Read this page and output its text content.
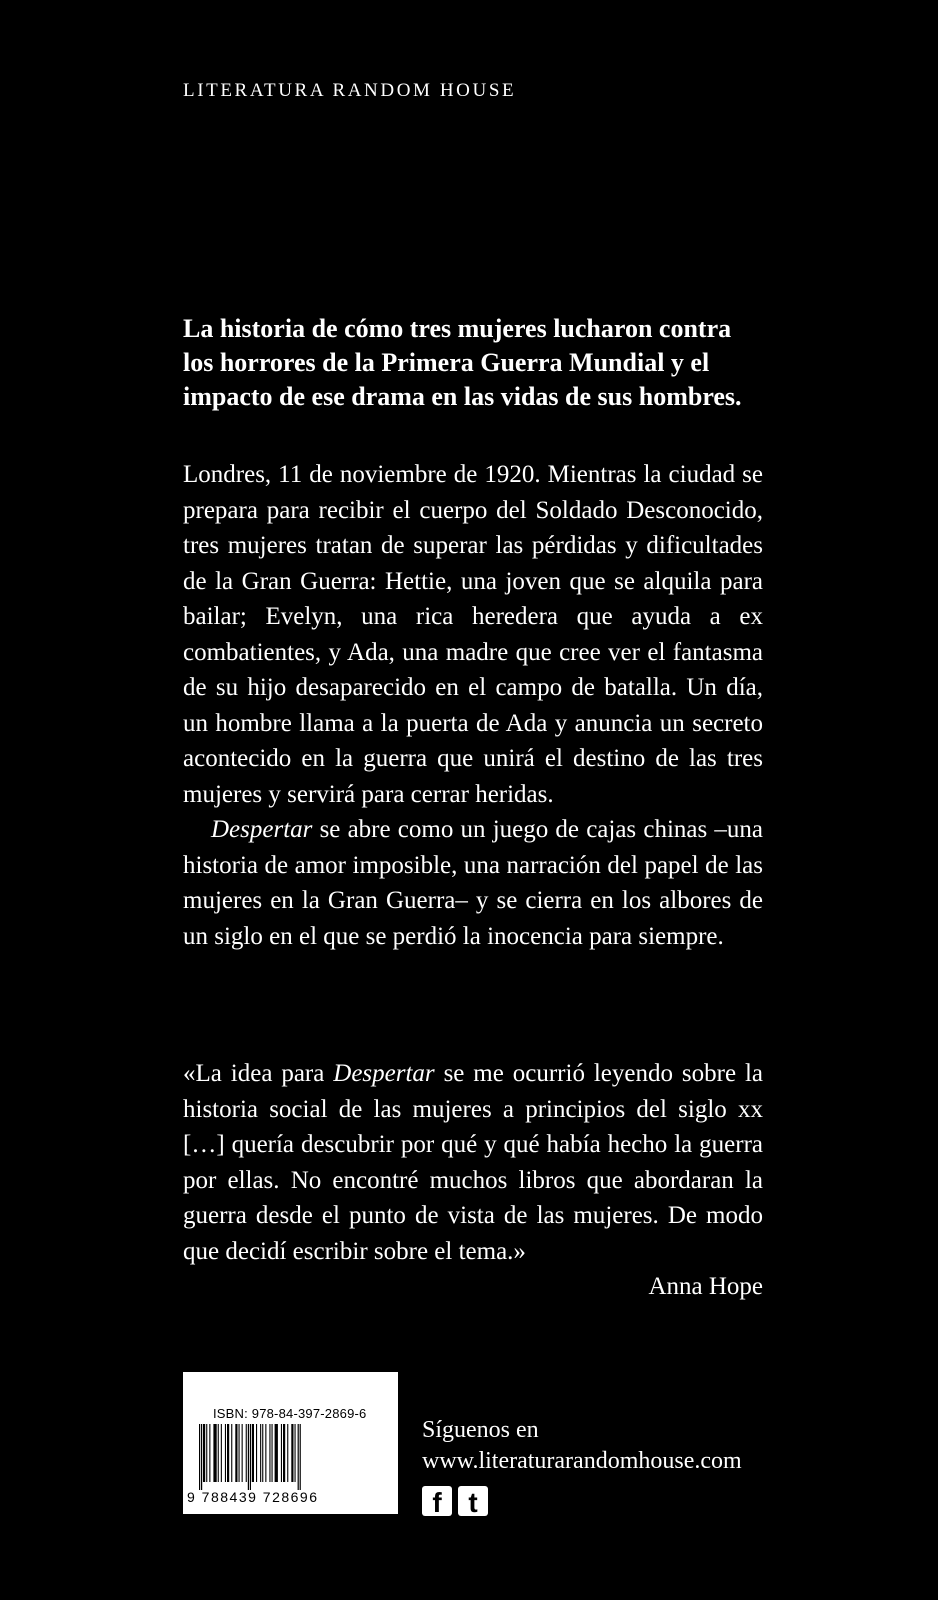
LITERATURA RANDOM HOUSE

La historia de cómo tres mujeres lucharon contra los horrores de la Primera Guerra Mundial y el impacto de ese drama en las vidas de sus hombres.

Londres, 11 de noviembre de 1920. Mientras la ciudad se prepara para recibir el cuerpo del Soldado Desconocido, tres mujeres tratan de superar las pérdidas y dificultades de la Gran Guerra: Hettie, una joven que se alquila para bailar; Evelyn, una rica heredera que ayuda a ex combatientes, y Ada, una madre que cree ver el fantasma de su hijo desaparecido en el campo de batalla. Un día, un hombre llama a la puerta de Ada y anuncia un secreto acontecido en la guerra que unirá el destino de las tres mujeres y servirá para cerrar heridas.

Despertar se abre como un juego de cajas chinas –una historia de amor imposible, una narración del papel de las mujeres en la Gran Guerra– y se cierra en los albores de un siglo en el que se perdió la inocencia para siempre.

«La idea para Despertar se me ocurrió leyendo sobre la historia social de las mujeres a principios del siglo xx […] quería descubrir por qué y qué había hecho la guerra por ellas. No encontré muchos libros que abordaran la guerra desde el punto de vista de las mujeres. De modo que decidí escribir sobre el tema.»

Anna Hope

ISBN: 978-84-397-2869-6
9 788439 728696
Síguenos en
www.literaturarandomhouse.com
f t
